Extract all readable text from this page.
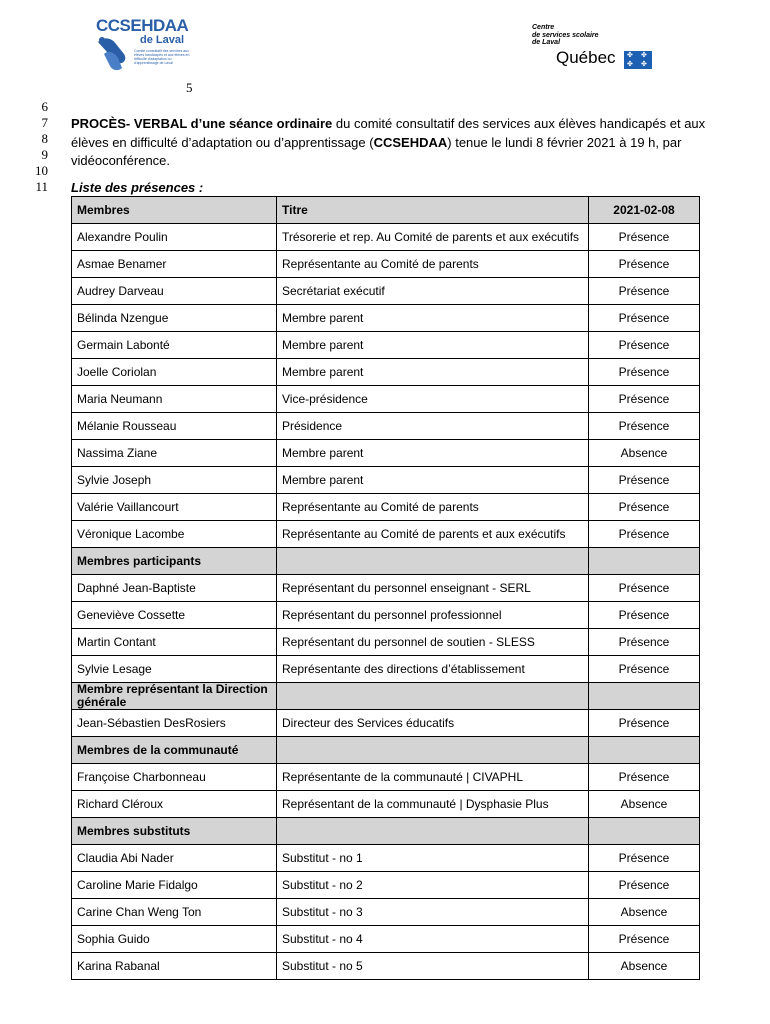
CCSEHDAA
de Laval
Comité consultatif des services aux élèves handicapés et aux élèves en difficulté d'adaptation ou d'apprentissage de Laval
Centre
de services scolaire
de Laval
Québec ✤ ✤
✤ ✤
5
6
7
8
9
10
11

PROCÈS- VERBAL d’une séance ordinaire du comité consultatif des services aux élèves handicapés et aux élèves en difficulté d’adaptation ou d’apprentissage (CCSEHDAA) tenue le lundi 8 février 2021 à 19 h, par vidéoconférence.

Liste des présences :
Membres	Titre	2021-02-08
Alexandre Poulin	Trésorerie et rep. Au Comité de parents et aux exécutifs	Présence
Asmae Benamer	Représentante au Comité de parents	Présence
Audrey Darveau	Secrétariat exécutif	Présence
Bélinda Nzengue	Membre parent	Présence
Germain Labonté	Membre parent	Présence
Joelle Coriolan	Membre parent	Présence
Maria Neumann	Vice-présidence	Présence
Mélanie Rousseau	Présidence	Présence
Nassima Ziane	Membre parent	Absence
Sylvie Joseph	Membre parent	Présence
Valérie Vaillancourt	Représentante au Comité de parents	Présence
Véronique Lacombe	Représentante au Comité de parents et aux exécutifs	Présence
Membres participants		
Daphné Jean-Baptiste	Représentant du personnel enseignant - SERL	Présence
Geneviève Cossette	Représentant du personnel professionnel	Présence
Martin Contant	Représentant du personnel de soutien - SLESS	Présence
Sylvie Lesage	Représentante des directions d’établissement	Présence
Membre représentant la Direction générale		
Jean-Sébastien DesRosiers	Directeur des Services éducatifs	Présence
Membres de la communauté		
Françoise Charbonneau	Représentante de la communauté | CIVAPHL	Présence
Richard Cléroux	Représentant de la communauté | Dysphasie Plus	Absence
Membres substituts		
Claudia Abi Nader	Substitut - no 1	Présence
Caroline Marie Fidalgo	Substitut - no 2	Présence
Carine Chan Weng Ton	Substitut - no 3	Absence
Sophia Guido	Substitut - no 4	Présence
Karina Rabanal	Substitut - no 5	Absence
